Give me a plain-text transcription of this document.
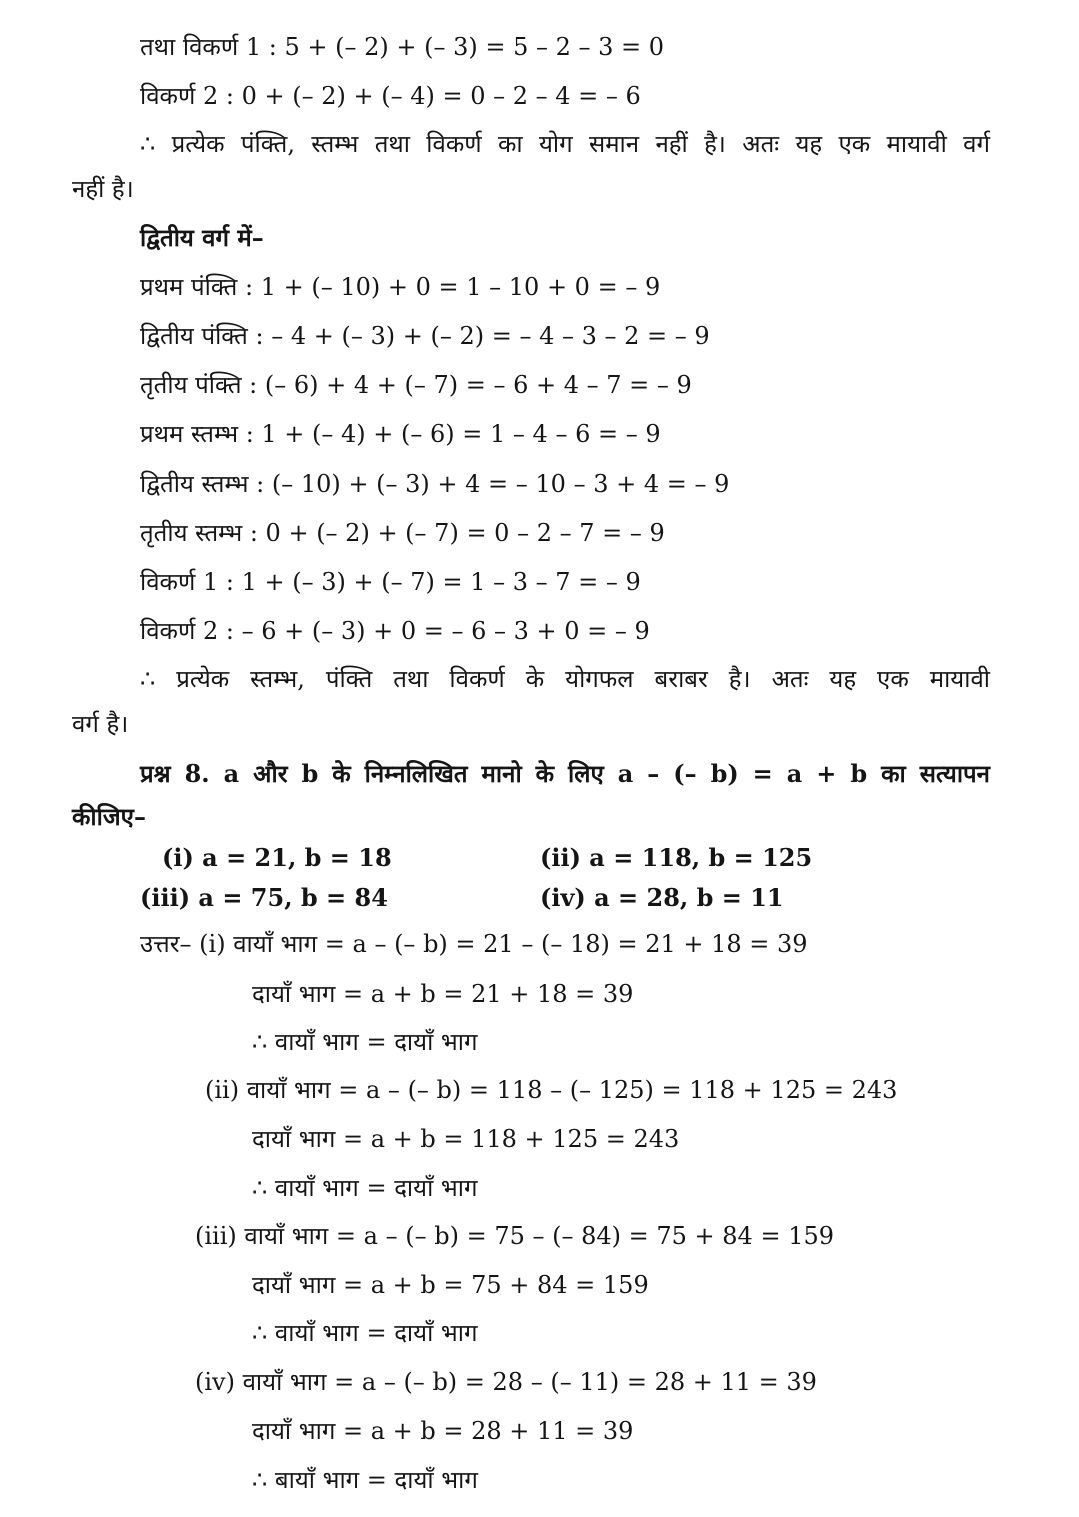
तथा विकर्ण 1 : 5 + (– 2) + (– 3) = 5 – 2 – 3 = 0
विकर्ण 2 : 0 + (– 2) + (– 4) = 0 – 2 – 4 = – 6
∴ प्रत्येक पंक्ति, स्तम्भ तथा विकर्ण का योग समान नहीं है। अतः यह एक मायावी वर्ग
नहीं है।
द्वितीय वर्ग में–
प्रथम पंक्ति : 1 + (– 10) + 0 = 1 – 10 + 0 = – 9
द्वितीय पंक्ति : – 4 + (– 3) + (– 2) = – 4 – 3 – 2 = – 9
तृतीय पंक्ति : (– 6) + 4 + (– 7) = – 6 + 4 – 7 = – 9
प्रथम स्तम्भ : 1 + (– 4) + (– 6) = 1 – 4 – 6 = – 9
द्वितीय स्तम्भ : (– 10) + (– 3) + 4 = – 10 – 3 + 4 = – 9
तृतीय स्तम्भ : 0 + (– 2) + (– 7) = 0 – 2 – 7 = – 9
विकर्ण 1 : 1 + (– 3) + (– 7) = 1 – 3 – 7 = – 9
विकर्ण 2 : – 6 + (– 3) + 0 = – 6 – 3 + 0 = – 9
∴ प्रत्येक स्तम्भ, पंक्ति तथा विकर्ण के योगफल बराबर है। अतः यह एक मायावी
वर्ग है।
प्रश्न 8. a और b के निम्नलिखित मानो के लिए a – (– b) = a + b का सत्यापन
कीजिए–
(i) a = 21, b = 18	(ii) a = 118, b = 125
(iii) a = 75, b = 84	(iv) a = 28, b = 11
उत्तर– (i) वायाँ भाग = a – (– b) = 21 – (– 18) = 21 + 18 = 39
दायाँ भाग = a + b = 21 + 18 = 39
∴ वायाँ भाग = दायाँ भाग
(ii) वायाँ भाग = a – (– b) = 118 – (– 125) = 118 + 125 = 243
दायाँ भाग = a + b = 118 + 125 = 243
∴ वायाँ भाग = दायाँ भाग
(iii) वायाँ भाग = a – (– b) = 75 – (– 84) = 75 + 84 = 159
दायाँ भाग = a + b = 75 + 84 = 159
∴ वायाँ भाग = दायाँ भाग
(iv) वायाँ भाग = a – (– b) = 28 – (– 11) = 28 + 11 = 39
दायाँ भाग = a + b = 28 + 11 = 39
∴ बायाँ भाग = दायाँ भाग
